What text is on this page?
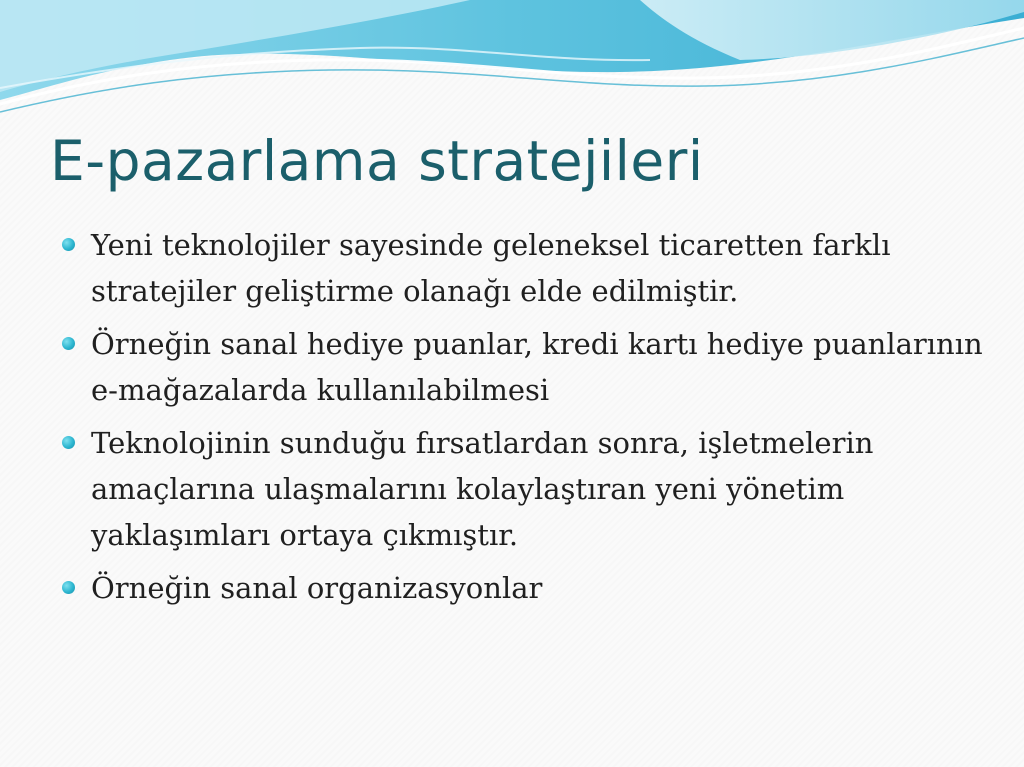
E-pazarlama stratejileri
Yeni teknolojiler sayesinde geleneksel ticaretten farklı stratejiler geliştirme olanağı elde edilmiştir.
Örneğin sanal hediye puanlar, kredi kartı hediye puanlarının e-mağazalarda kullanılabilmesi
Teknolojinin sunduğu fırsatlardan sonra, işletmelerin amaçlarına ulaşmalarını kolaylaştıran yeni yönetim yaklaşımları ortaya çıkmıştır.
Örneğin sanal organizasyonlar
